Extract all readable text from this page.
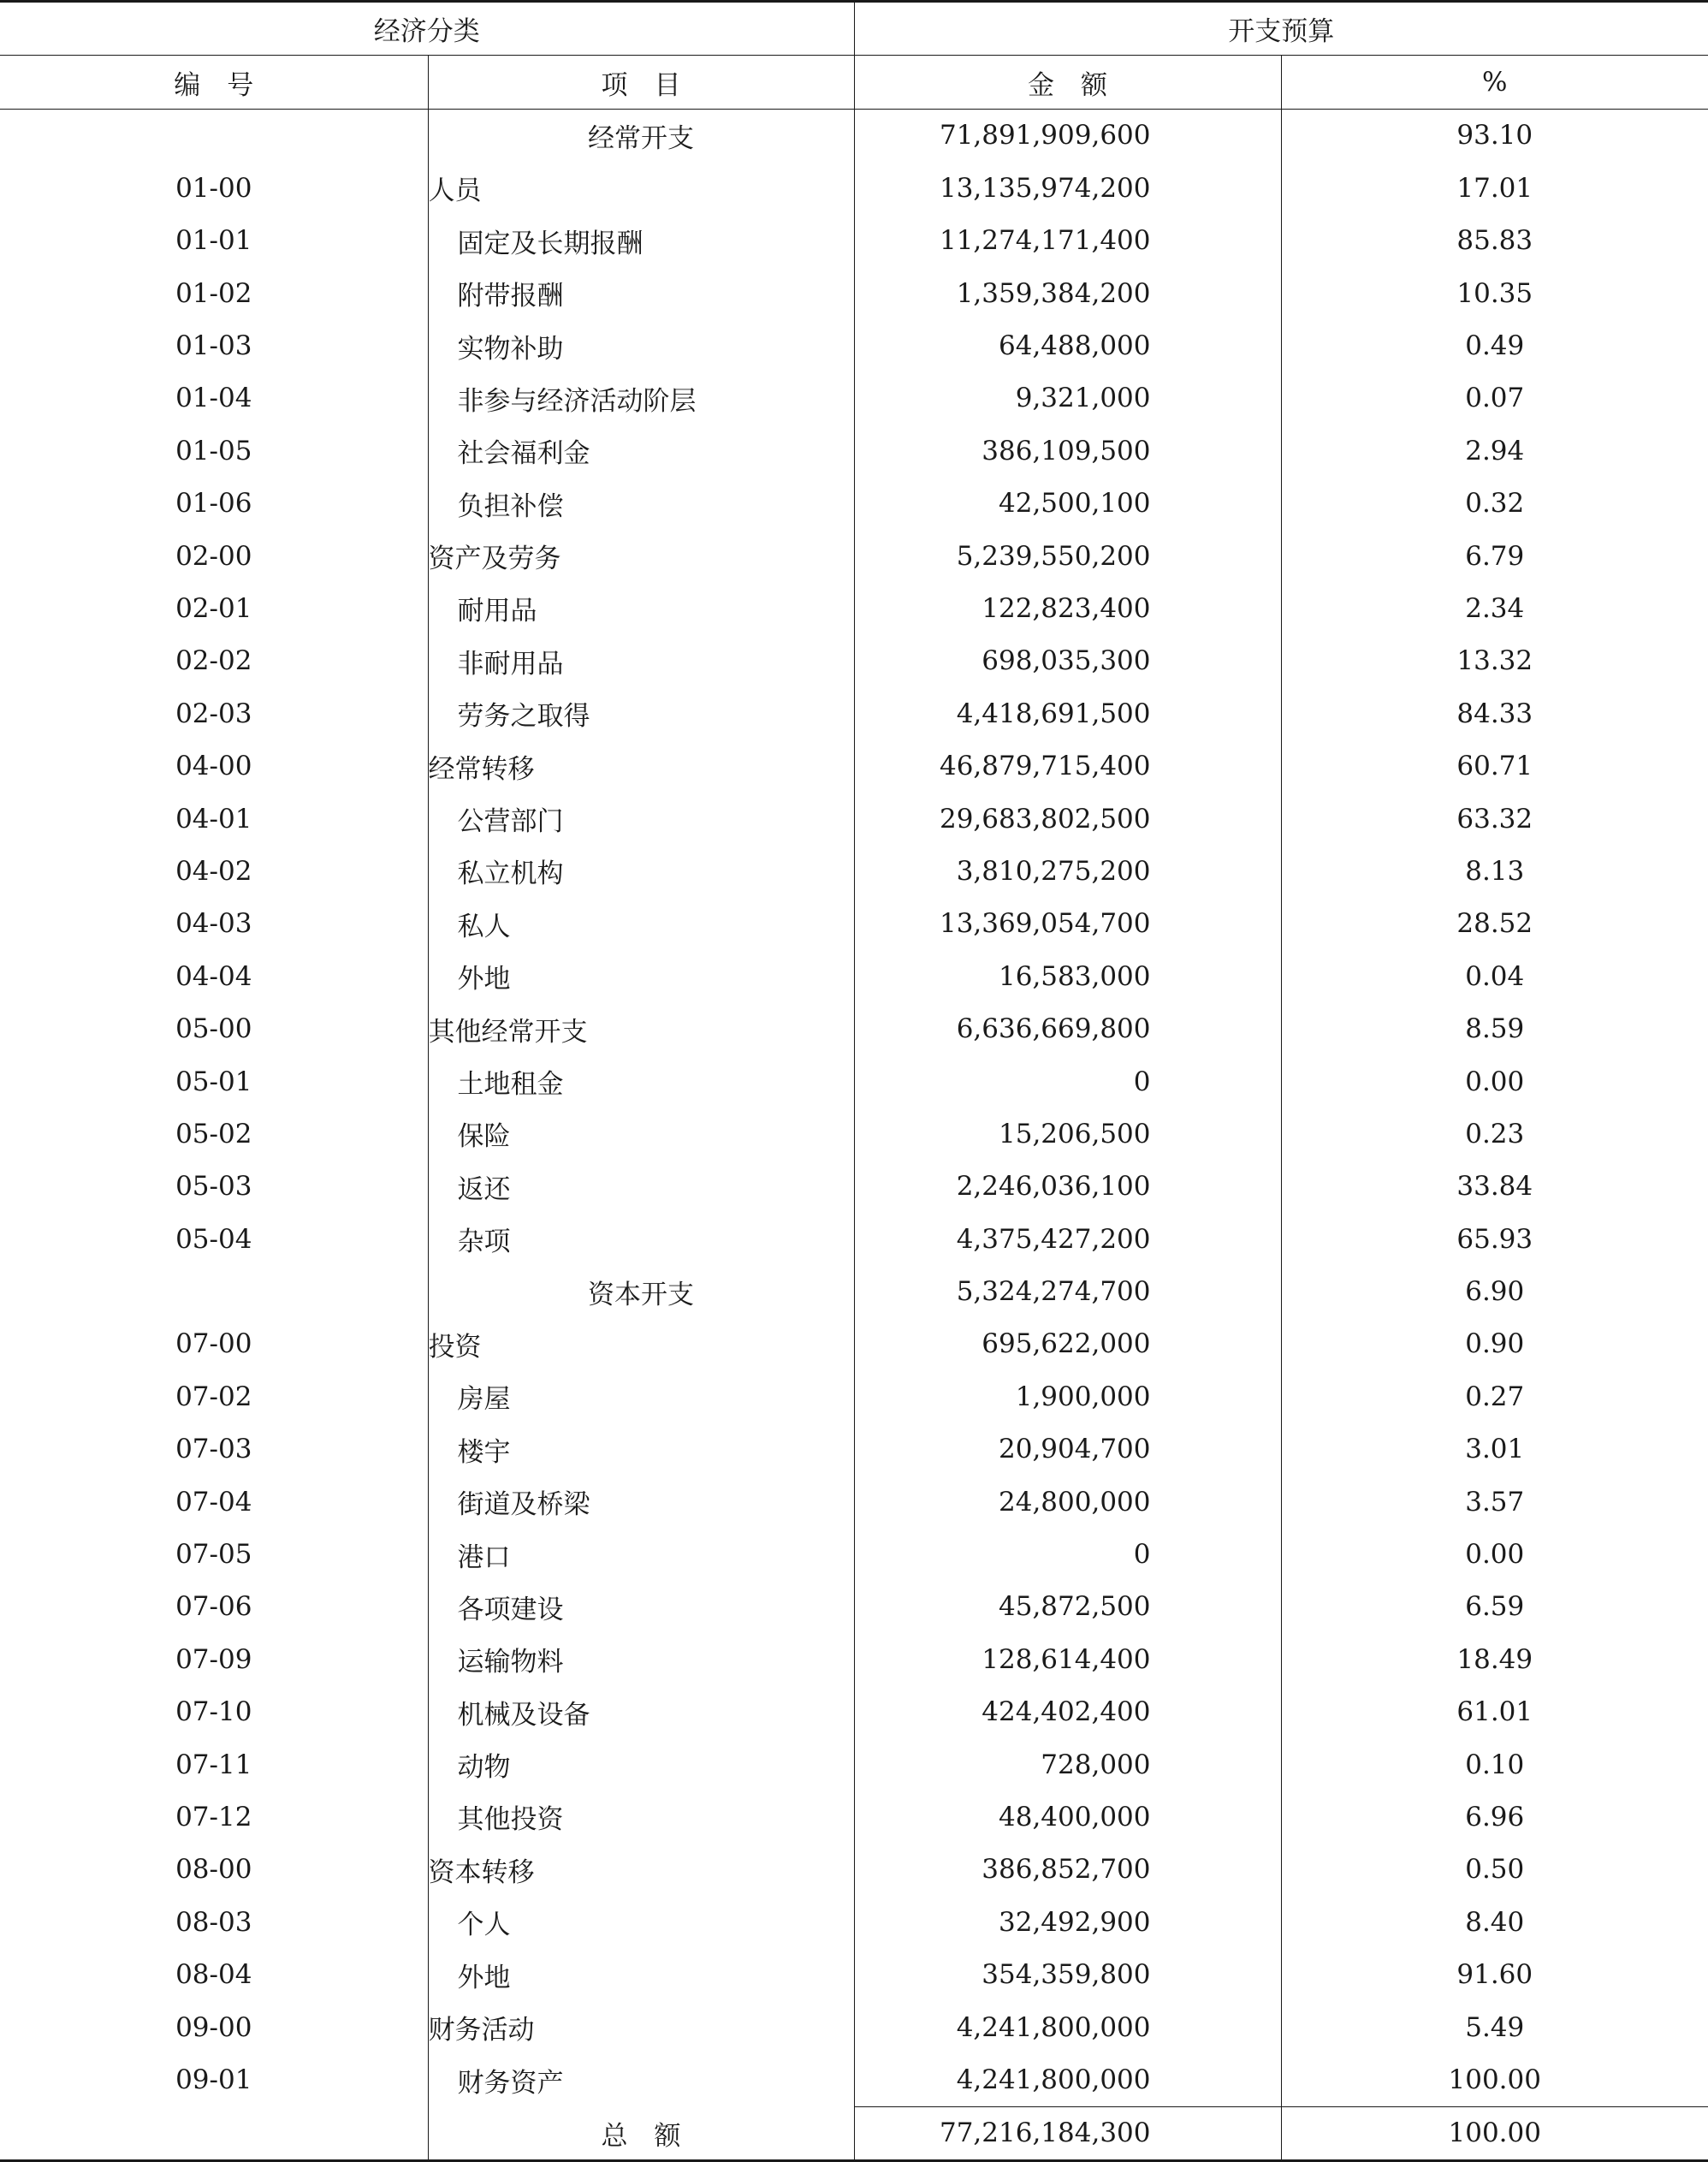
经济分类		开支预算	
编　号	项　目	金　额	%
	经常开支	71,891,909,600	93.10
01-00	人员	13,135,974,200	17.01
01-01	固定及长期报酬	11,274,171,400	85.83
01-02	附带报酬	1,359,384,200	10.35
01-03	实物补助	64,488,000	0.49
01-04	非参与经济活动阶层	9,321,000	0.07
01-05	社会福利金	386,109,500	2.94
01-06	负担补偿	42,500,100	0.32
02-00	资产及劳务	5,239,550,200	6.79
02-01	耐用品	122,823,400	2.34
02-02	非耐用品	698,035,300	13.32
02-03	劳务之取得	4,418,691,500	84.33
04-00	经常转移	46,879,715,400	60.71
04-01	公营部门	29,683,802,500	63.32
04-02	私立机构	3,810,275,200	8.13
04-03	私人	13,369,054,700	28.52
04-04	外地	16,583,000	0.04
05-00	其他经常开支	6,636,669,800	8.59
05-01	土地租金	0	0.00
05-02	保险	15,206,500	0.23
05-03	返还	2,246,036,100	33.84
05-04	杂项	4,375,427,200	65.93
	资本开支	5,324,274,700	6.90
07-00	投资	695,622,000	0.90
07-02	房屋	1,900,000	0.27
07-03	楼宇	20,904,700	3.01
07-04	街道及桥梁	24,800,000	3.57
07-05	港口	0	0.00
07-06	各项建设	45,872,500	6.59
07-09	运输物料	128,614,400	18.49
07-10	机械及设备	424,402,400	61.01
07-11	动物	728,000	0.10
07-12	其他投资	48,400,000	6.96
08-00	资本转移	386,852,700	0.50
08-03	个人	32,492,900	8.40
08-04	外地	354,359,800	91.60
09-00	财务活动	4,241,800,000	5.49
09-01	财务资产	4,241,800,000	100.00
	总　额	77,216,184,300	100.00
